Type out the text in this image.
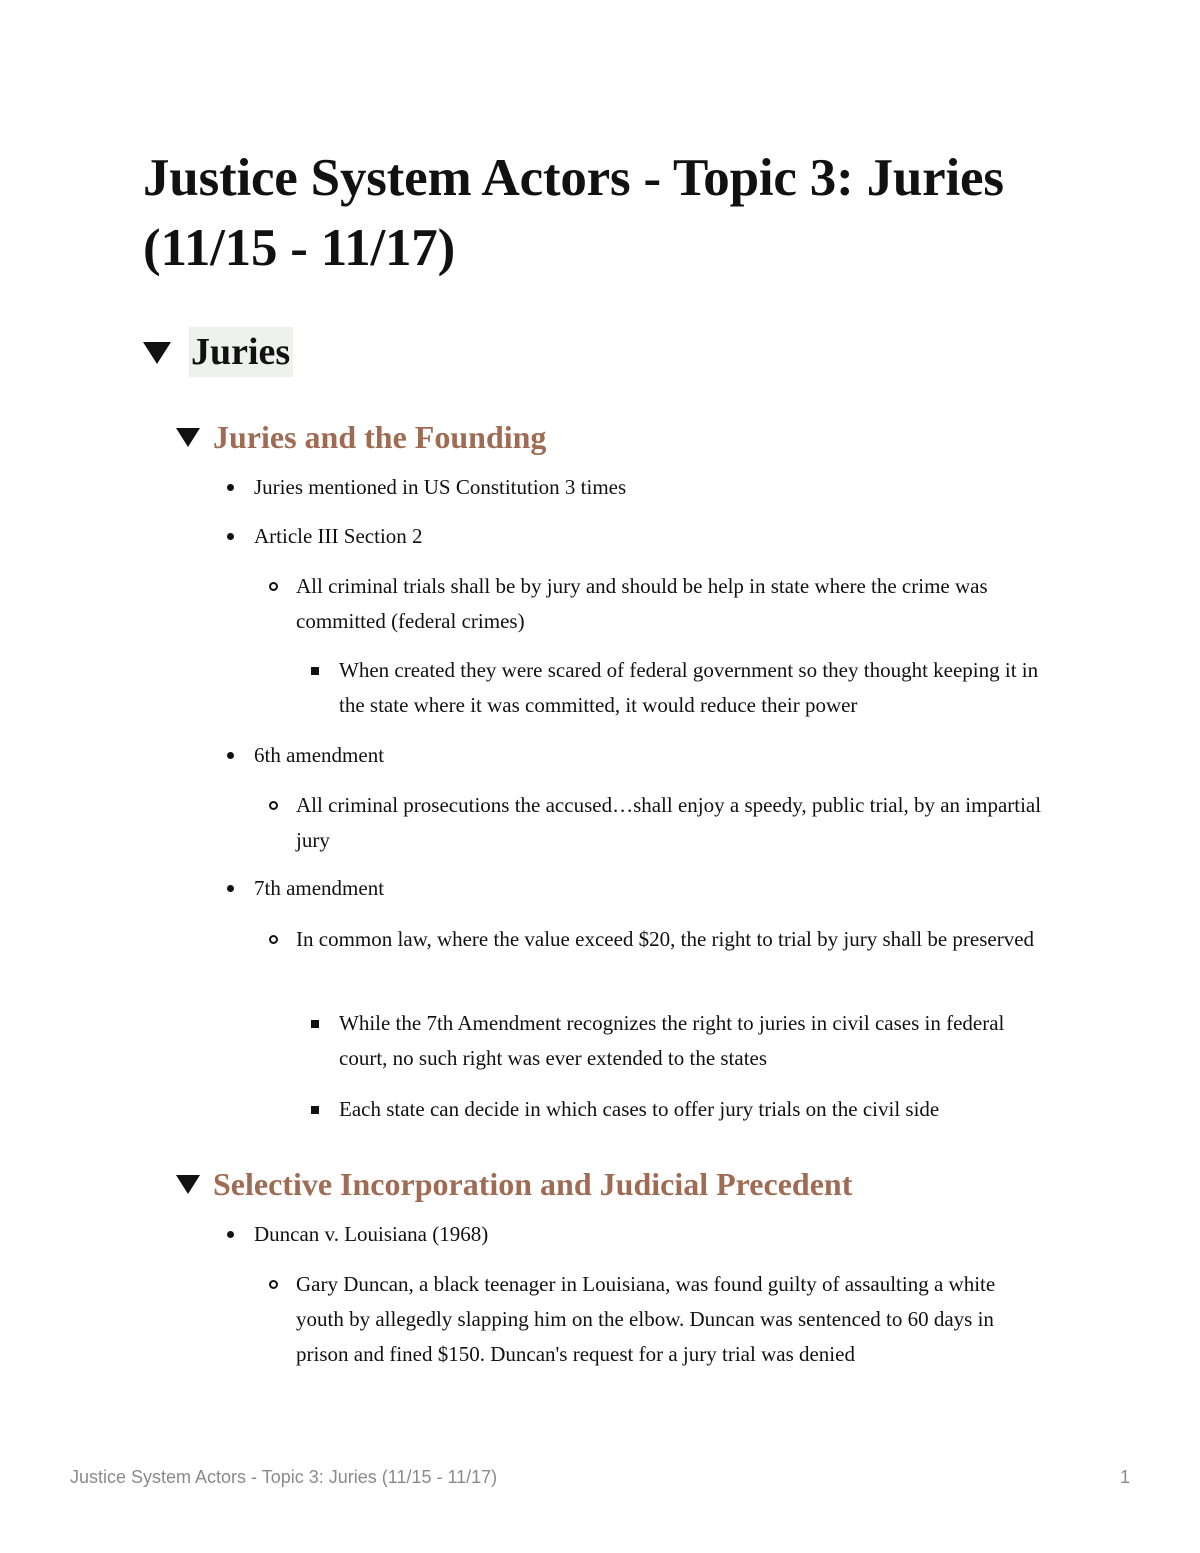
Justice System Actors - Topic 3: Juries (11/15 - 11/17)
Juries
Juries and the Founding
Juries mentioned in US Constitution 3 times
Article III Section 2
All criminal trials shall be by jury and should be help in state where the crime was committed (federal crimes)
When created they were scared of federal government so they thought keeping it in the state where it was committed, it would reduce their power
6th amendment
All criminal prosecutions the accused…shall enjoy a speedy, public trial, by an impartial jury
7th amendment
In common law, where the value exceed $20, the right to trial by jury shall be preserved
While the 7th Amendment recognizes the right to juries in civil cases in federal court, no such right was ever extended to the states
Each state can decide in which cases to offer jury trials on the civil side
Selective Incorporation and Judicial Precedent
Duncan v. Louisiana (1968)
Gary Duncan, a black teenager in Louisiana, was found guilty of assaulting a white youth by allegedly slapping him on the elbow. Duncan was sentenced to 60 days in prison and fined $150. Duncan's request for a jury trial was denied
Justice System Actors - Topic 3: Juries (11/15 - 11/17)	1
